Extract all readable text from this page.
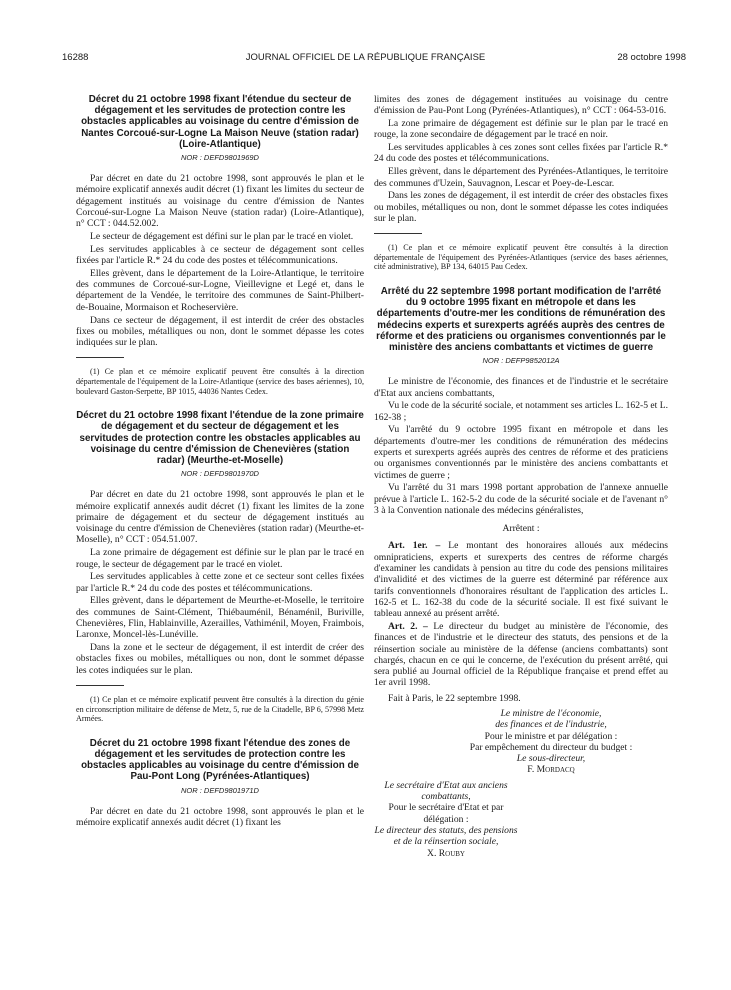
16288	JOURNAL OFFICIEL DE LA RÉPUBLIQUE FRANÇAISE	28 octobre 1998
Décret du 21 octobre 1998 fixant l'étendue du secteur de dégagement et les servitudes de protection contre les obstacles applicables au voisinage du centre d'émission de Nantes Corcoué-sur-Logne La Maison Neuve (station radar) (Loire-Atlantique)
NOR : DEFD9801969D

Par décret en date du 21 octobre 1998, sont approuvés le plan et le mémoire explicatif annexés audit décret (1) fixant les limites du secteur de dégagement institués au voisinage du centre d'émission de Nantes Corcoué-sur-Logne La Maison Neuve (station radar) (Loire-Atlantique), n° CCT : 044.52.002.

Le secteur de dégagement est défini sur le plan par le tracé en violet.

Les servitudes applicables à ce secteur de dégagement sont celles fixées par l'article R.* 24 du code des postes et télécommunications.

Elles grèvent, dans le département de la Loire-Atlantique, le territoire des communes de Corcoué-sur-Logne, Vieillevigne et Legé et, dans le département de la Vendée, le territoire des communes de Saint-Philbert-de-Bouaine, Mormaison et Rocheservière.

Dans ce secteur de dégagement, il est interdit de créer des obstacles fixes ou mobiles, métalliques ou non, dont le sommet dépasse les cotes indiquées sur le plan.

(1) Ce plan et ce mémoire explicatif peuvent être consultés à la direction départementale de l'équipement de la Loire-Atlantique (service des bases aériennes), 10, boulevard Gaston-Serpette, BP 1015, 44036 Nantes Cedex.

Décret du 21 octobre 1998 fixant l'étendue de la zone primaire de dégagement et du secteur de dégagement et les servitudes de protection contre les obstacles applicables au voisinage du centre d'émission de Chenevières (station radar) (Meurthe-et-Moselle)
NOR : DEFD9801970D

Par décret en date du 21 octobre 1998, sont approuvés le plan et le mémoire explicatif annexés audit décret (1) fixant les limites de la zone primaire de dégagement et du secteur de dégagement institués au voisinage du centre d'émission de Chenevières (station radar) (Meurthe-et-Moselle), n° CCT : 054.51.007.

La zone primaire de dégagement est définie sur le plan par le tracé en rouge, le secteur de dégagement par le tracé en violet.

Les servitudes applicables à cette zone et ce secteur sont celles fixées par l'article R.* 24 du code des postes et télécommunications.

Elles grèvent, dans le département de Meurthe-et-Moselle, le territoire des communes de Saint-Clément, Thiébauménil, Bénaménil, Buriville, Chenevières, Flin, Hablainville, Azerailles, Vathiménil, Moyen, Fraimbois, Laronxe, Moncel-lès-Lunéville.

Dans la zone et le secteur de dégagement, il est interdit de créer des obstacles fixes ou mobiles, métalliques ou non, dont le sommet dépasse les cotes indiquées sur le plan.

(1) Ce plan et ce mémoire explicatif peuvent être consultés à la direction du génie en circonscription militaire de défense de Metz, 5, rue de la Citadelle, BP 6, 57998 Metz Armées.

Décret du 21 octobre 1998 fixant l'étendue des zones de dégagement et les servitudes de protection contre les obstacles applicables au voisinage du centre d'émission de Pau-Pont Long (Pyrénées-Atlantiques)
NOR : DEFD9801971D

Par décret en date du 21 octobre 1998, sont approuvés le plan et le mémoire explicatif annexés audit décret (1) fixant les

limites des zones de dégagement instituées au voisinage du centre d'émission de Pau-Pont Long (Pyrénées-Atlantiques), n° CCT : 064-53-016.

La zone primaire de dégagement est définie sur le plan par le tracé en rouge, la zone secondaire de dégagement par le tracé en noir.

Les servitudes applicables à ces zones sont celles fixées par l'article R.* 24 du code des postes et télécommunications.

Elles grèvent, dans le département des Pyrénées-Atlantiques, le territoire des communes d'Uzein, Sauvagnon, Lescar et Poey-de-Lescar.

Dans les zones de dégagement, il est interdit de créer des obstacles fixes ou mobiles, métalliques ou non, dont le sommet dépasse les cotes indiquées sur le plan.

(1) Ce plan et ce mémoire explicatif peuvent être consultés à la direction départementale de l'équipement des Pyrénées-Atlantiques (service des bases aériennes, cité administrative), BP 134, 64015 Pau Cedex.

Arrêté du 22 septembre 1998 portant modification de l'arrêté du 9 octobre 1995 fixant en métropole et dans les départements d'outre-mer les conditions de rémunération des médecins experts et surexperts agréés auprès des centres de réforme et des praticiens ou organismes conventionnés par le ministère des anciens combattants et victimes de guerre
NOR : DEFP9852012A

Le ministre de l'économie, des finances et de l'industrie et le secrétaire d'Etat aux anciens combattants,

Vu le code de la sécurité sociale, et notamment ses articles L. 162-5 et L. 162-38 ;

Vu l'arrêté du 9 octobre 1995 fixant en métropole et dans les départements d'outre-mer les conditions de rémunération des médecins experts et surexperts agréés auprès des centres de réforme et des praticiens ou organismes conventionnés par le ministère des anciens combattants et victimes de guerre ;

Vu l'arrêté du 31 mars 1998 portant approbation de l'annexe annuelle prévue à l'article L. 162-5-2 du code de la sécurité sociale et de l'avenant n° 3 à la Convention nationale des médecins généralistes,

Arrêtent :

Art. 1er. – Le montant des honoraires alloués aux médecins omnipraticiens, experts et surexperts des centres de réforme chargés d'examiner les candidats à pension au titre du code des pensions militaires d'invalidité et des victimes de la guerre est déterminé par référence aux tarifs conventionnels d'honoraires résultant de l'application des articles L. 162-5 et L. 162-38 du code de la sécurité sociale. Il est fixé suivant le tableau annexé au présent arrêté.

Art. 2. – Le directeur du budget au ministère de l'économie, des finances et de l'industrie et le directeur des statuts, des pensions et de la réinsertion sociale au ministère de la défense (anciens combattants) sont chargés, chacun en ce qui le concerne, de l'exécution du présent arrêté, qui sera publié au Journal officiel de la République française et prend effet au 1er avril 1998.

Fait à Paris, le 22 septembre 1998.

Le ministre de l'économie,
des finances et de l'industrie,
Pour le ministre et par délégation :
Par empêchement du directeur du budget :
Le sous-directeur,
F. Mordacq
Le secrétaire d'Etat aux anciens combattants,
Pour le secrétaire d'Etat et par délégation :
Le directeur des statuts, des pensions
et de la réinsertion sociale,
X. Rouby
